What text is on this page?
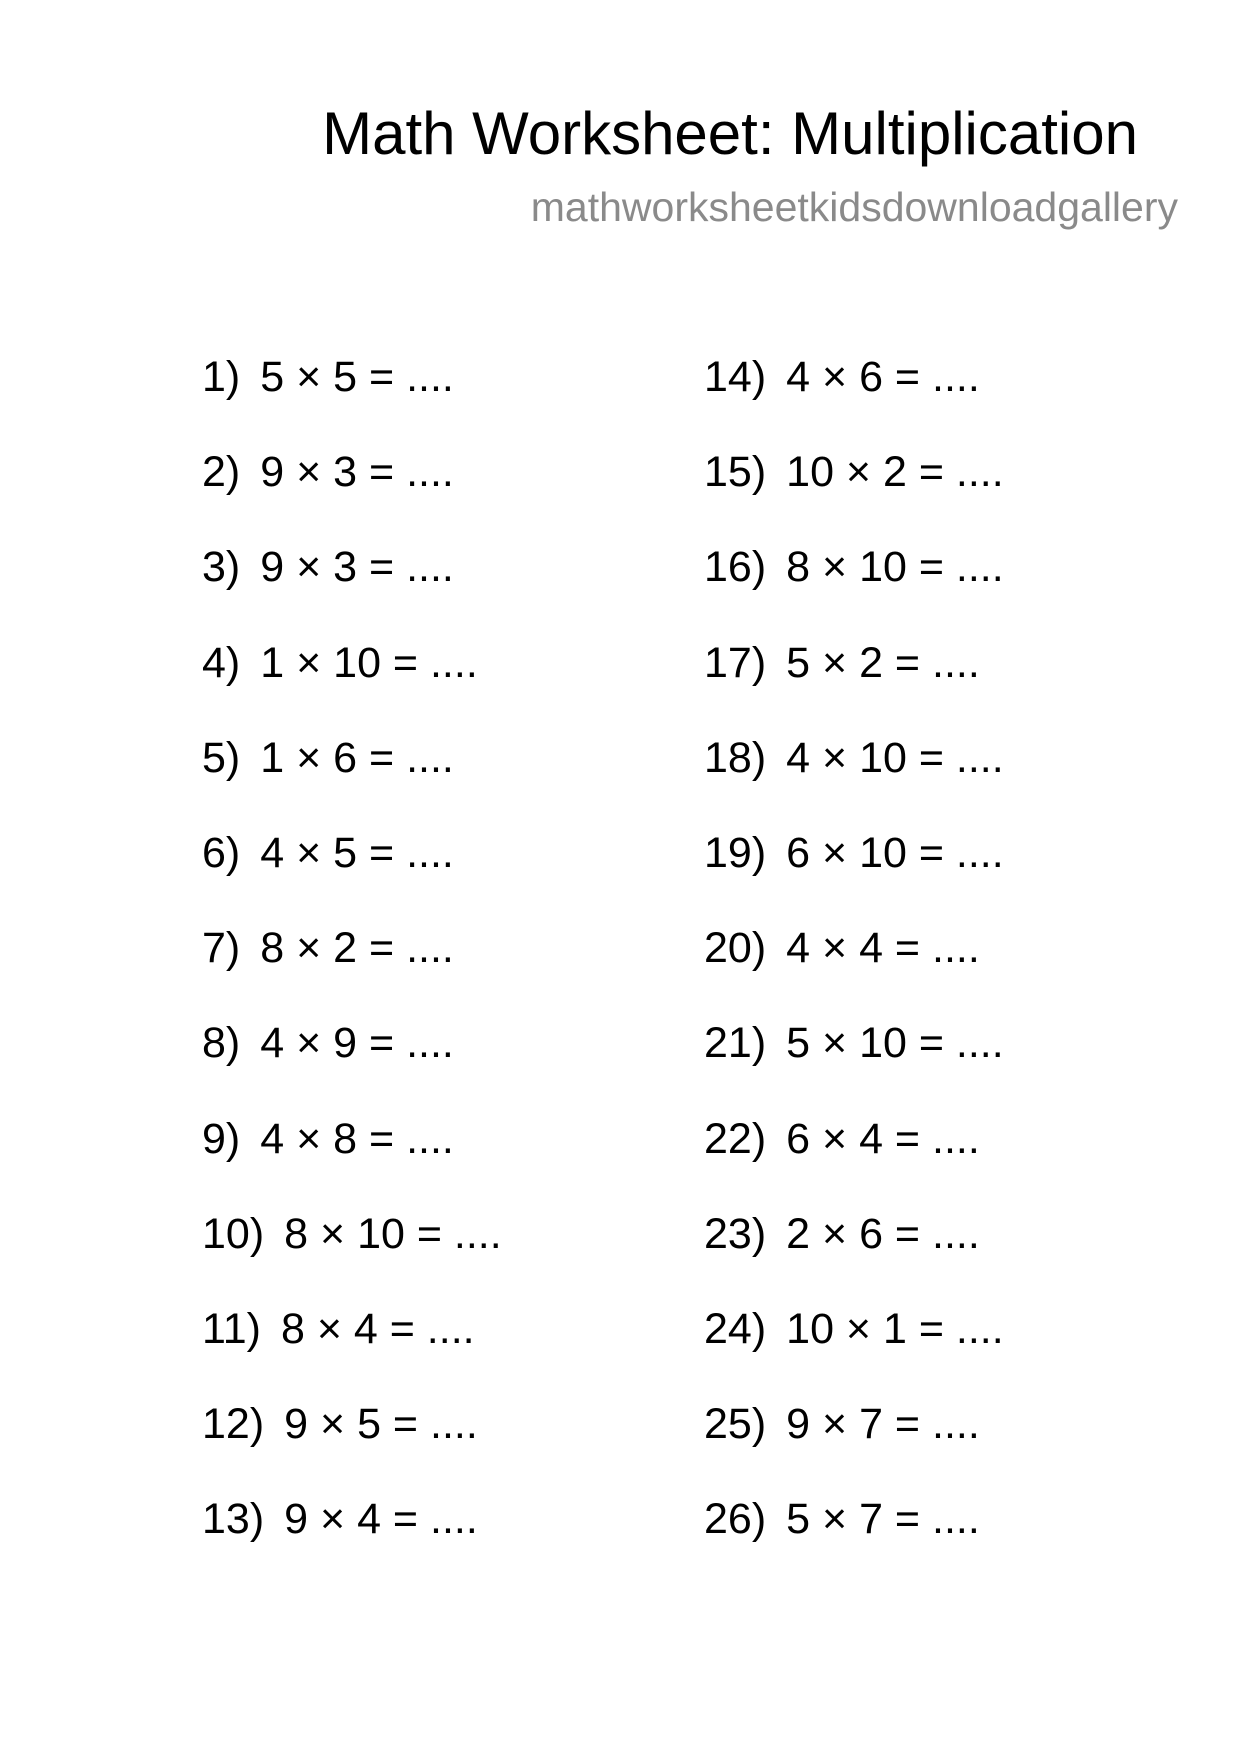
Math Worksheet: Multiplication
mathworksheetkidsdownloadgallery
1) 5 × 5 = ....
2) 9 × 3 = ....
3) 9 × 3 = ....
4) 1 × 10 = ....
5) 1 × 6 = ....
6) 4 × 5 = ....
7) 8 × 2 = ....
8) 4 × 9 = ....
9) 4 × 8 = ....
10) 8 × 10 = ....
11) 8 × 4 = ....
12) 9 × 5 = ....
13) 9 × 4 = ....
14) 4 × 6 = ....
15) 10 × 2 = ....
16) 8 × 10 = ....
17) 5 × 2 = ....
18) 4 × 10 = ....
19) 6 × 10 = ....
20) 4 × 4 = ....
21) 5 × 10 = ....
22) 6 × 4 = ....
23) 2 × 6 = ....
24) 10 × 1 = ....
25) 9 × 7 = ....
26) 5 × 7 = ....
